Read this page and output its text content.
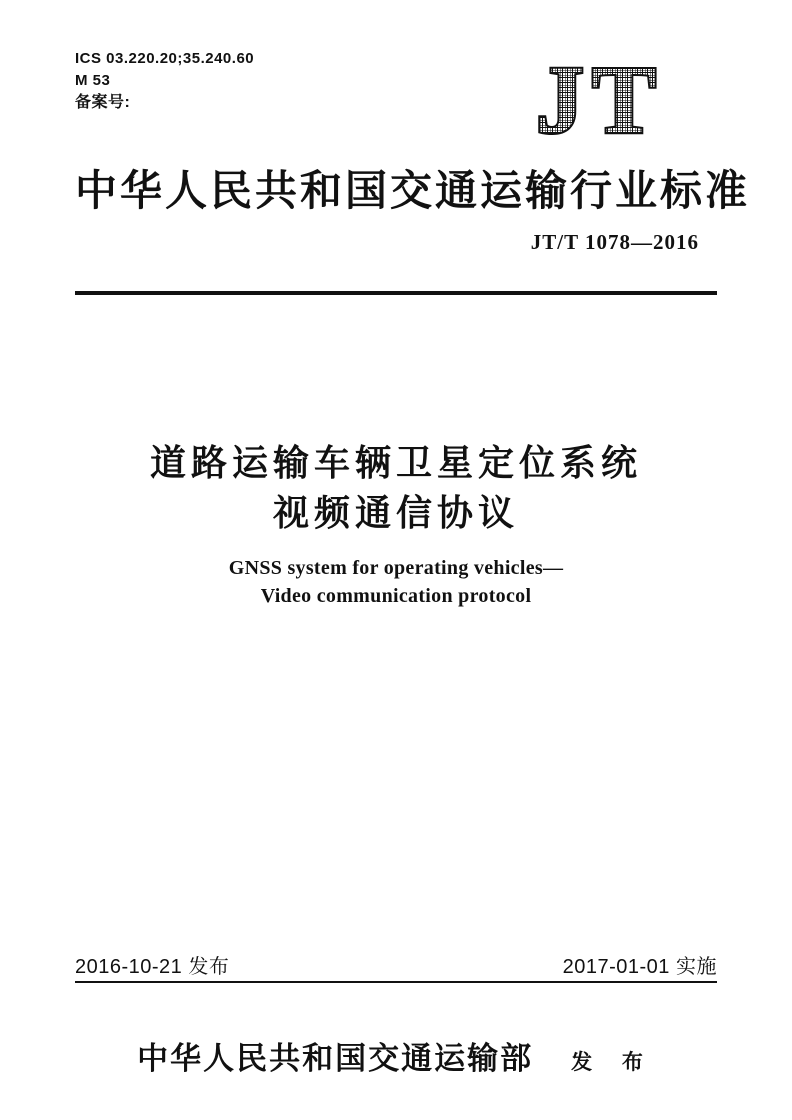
ICS 03.220.20;35.240.60
M 53
备案号:	JT
中华人民共和国交通运输行业标准
JT/T 1078—2016
道路运输车辆卫星定位系统
视频通信协议
GNSS system for operating vehicles—
Video communication protocol
2016-10-21 发布	2017-01-01 实施
中华人民共和国交通运输部 发 布
